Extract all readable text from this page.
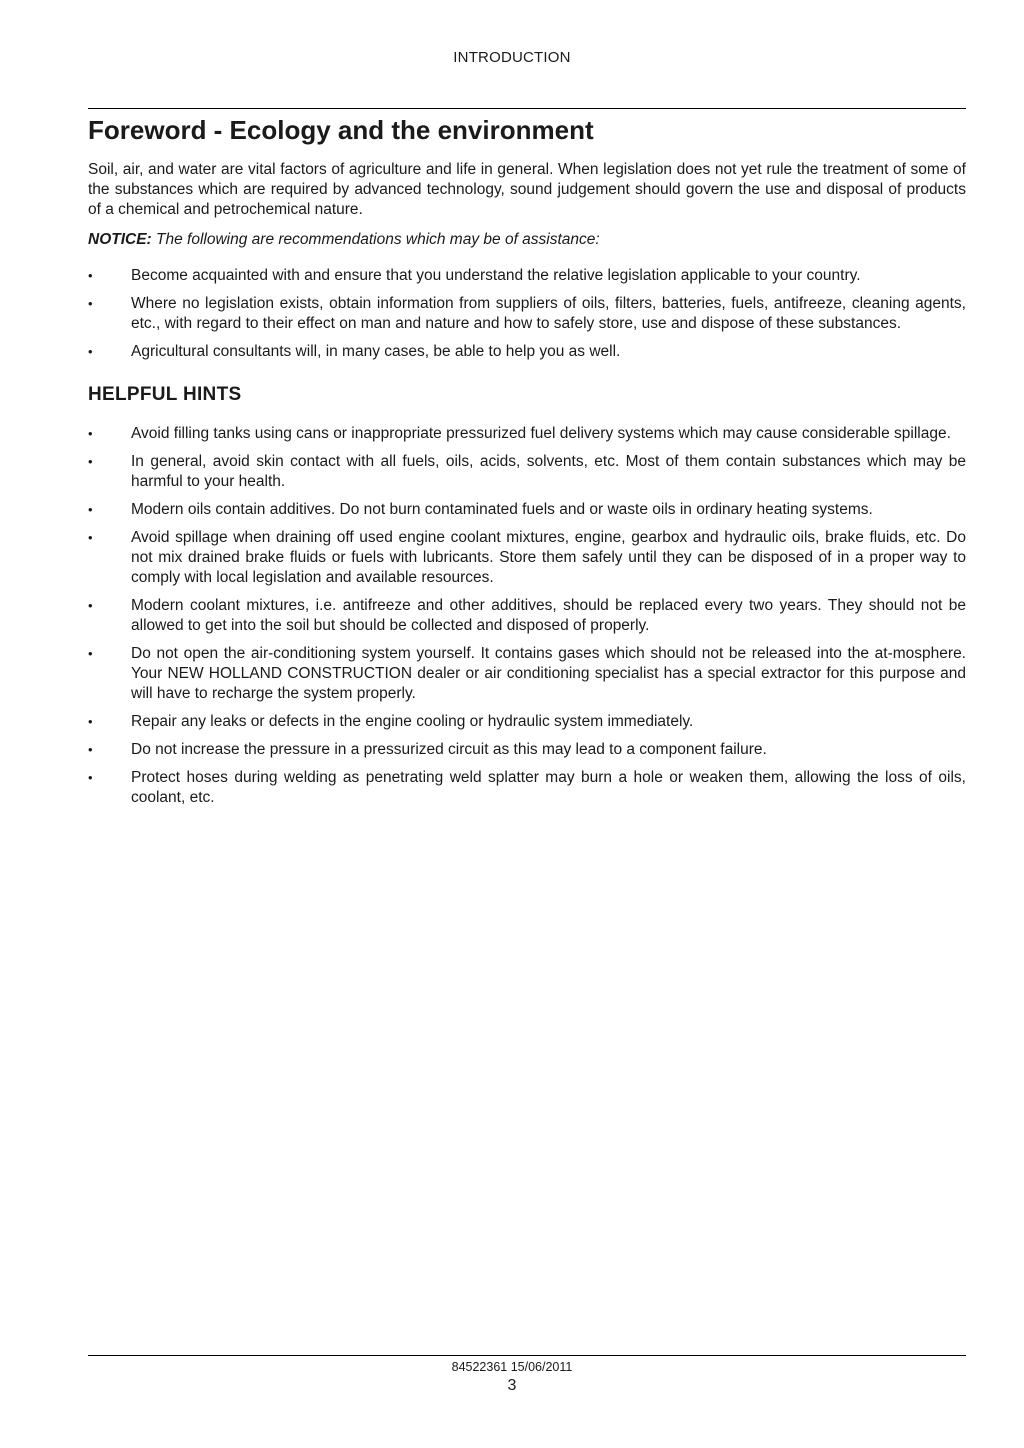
INTRODUCTION
Foreword - Ecology and the environment

Soil, air, and water are vital factors of agriculture and life in general. When legislation does not yet rule the treatment of some of the substances which are required by advanced technology, sound judgement should govern the use and disposal of products of a chemical and petrochemical nature.

NOTICE: The following are recommendations which may be of assistance:

•	Become acquainted with and ensure that you understand the relative legislation applicable to your country.
•	Where no legislation exists, obtain information from suppliers of oils, filters, batteries, fuels, antifreeze, cleaning agents, etc., with regard to their effect on man and nature and how to safely store, use and dispose of these substances.
•	Agricultural consultants will, in many cases, be able to help you as well.
HELPFUL HINTS
•	Avoid filling tanks using cans or inappropriate pressurized fuel delivery systems which may cause considerable spillage.
•	In general, avoid skin contact with all fuels, oils, acids, solvents, etc. Most of them contain substances which may be harmful to your health.
•	Modern oils contain additives. Do not burn contaminated fuels and or waste oils in ordinary heating systems.
•	Avoid spillage when draining off used engine coolant mixtures, engine, gearbox and hydraulic oils, brake fluids, etc. Do not mix drained brake fluids or fuels with lubricants. Store them safely until they can be disposed of in a proper way to comply with local legislation and available resources.
•	Modern coolant mixtures, i.e. antifreeze and other additives, should be replaced every two years. They should not be allowed to get into the soil but should be collected and disposed of properly.
•	Do not open the air-conditioning system yourself. It contains gases which should not be released into the at-mosphere. Your NEW HOLLAND CONSTRUCTION dealer or air conditioning specialist has a special extractor for this purpose and will have to recharge the system properly.
•	Repair any leaks or defects in the engine cooling or hydraulic system immediately.
•	Do not increase the pressure in a pressurized circuit as this may lead to a component failure.
•	Protect hoses during welding as penetrating weld splatter may burn a hole or weaken them, allowing the loss of oils, coolant, etc.
84522361 15/06/2011
3
